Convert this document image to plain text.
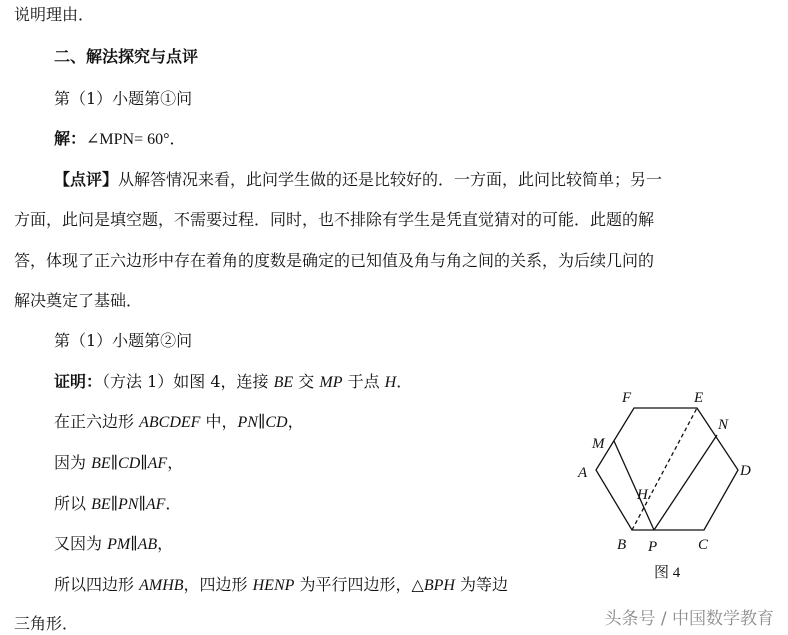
说明理由．
二、解法探究与点评
第（1）小题第①问
解：∠MPN= 60°．
【点评】从解答情况来看，此问学生做的还是比较好的．一方面，此问比较简单；另一
方面，此问是填空题，不需要过程．同时，也不排除有学生是凭直觉猜对的可能．此题的解
答，体现了正六边形中存在着角的度数是确定的已知值及角与角之间的关系，为后续几问的
解决奠定了基础．
第（1）小题第②问
证明：（方法 1）如图 4，连接 BE 交 MP 于点 H．
在正六边形 ABCDEF 中，PN∥CD，
因为 BE∥CD∥AF，
所以 BE∥PN∥AF．
又因为 PM∥AB，
所以四边形 AMHB，四边形 HENP 为平行四边形，△BPH 为等边
三角形．
F	E
N
M
A	D
H
B P	C
图 4
头条号 / 中国数学教育
